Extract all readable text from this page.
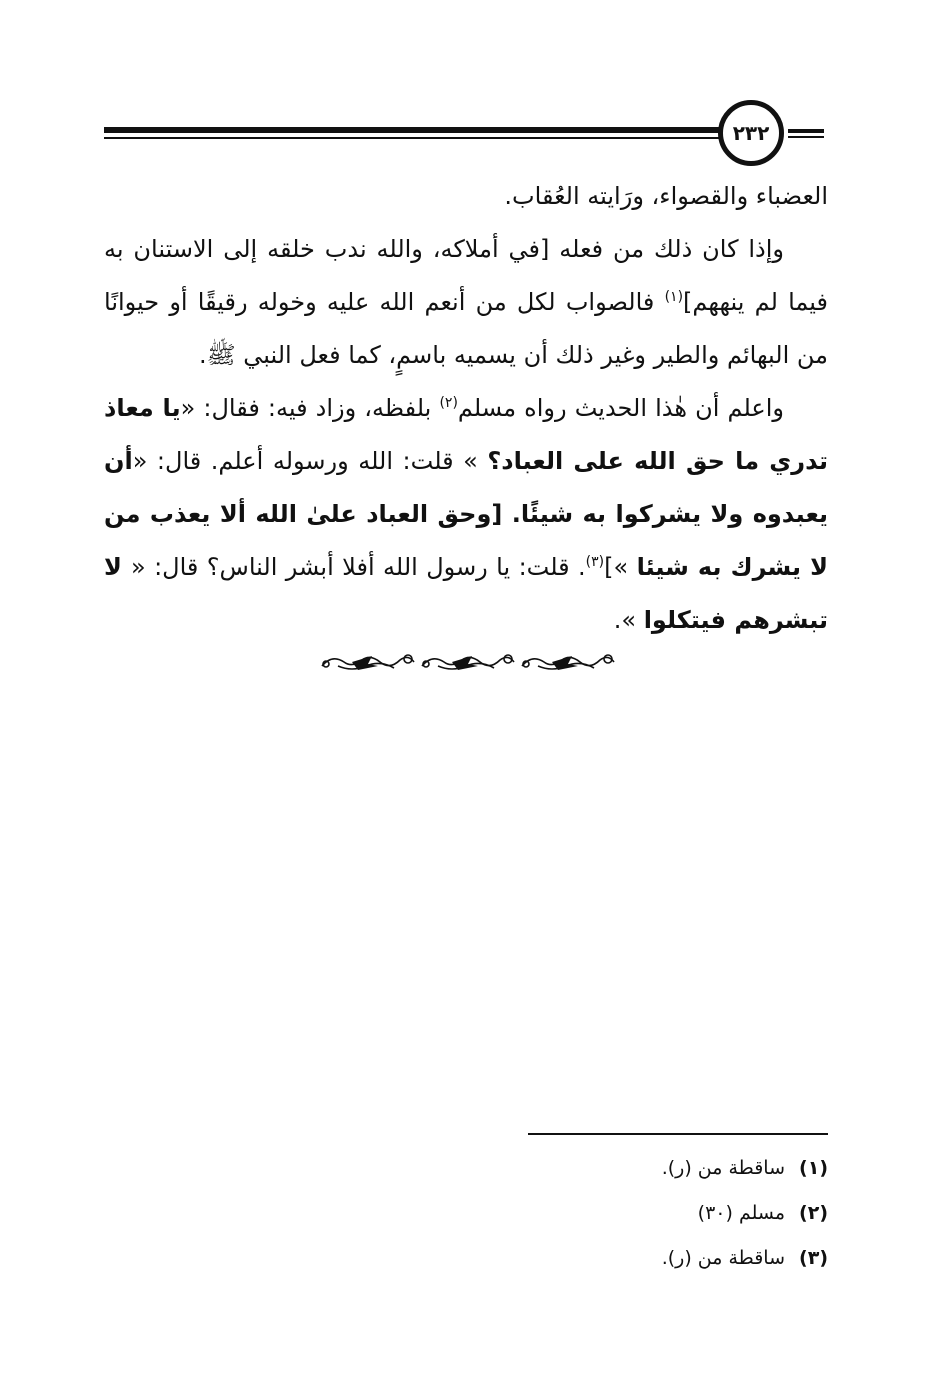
٢٣٢

العضباء والقصواء، ورَايته العُقاب.

وإذا كان ذلك من فعله [في أملاكه، والله ندب خلقه إلى الاستنان به فيما لم ينههم]$^{(١)}$ فالصواب لكل من أنعم الله عليه وخوله رقيقًا أو حيوانًا من البهائم والطير وغير ذلك أن يسميه باسمٍ، كما فعل النبي ﷺ.

واعلم أن هٰذا الحديث رواه مسلم$^{(٢)}$ بلفظه، وزاد فيه: فقال: «يا معاذ تدري ما حق الله على العباد؟ » قلت: الله ورسوله أعلم. قال: «أن يعبدوه ولا يشركوا به شيئًا. [وحق العباد علىٰ الله ألا يعذب من لا يشرك به شيئا »]$^{(٣)}$. قلت: يا رسول الله أفلا أبشر الناس؟ قال: « لا تبشرهم فيتكلوا ».

(١)ساقطة من (ر).
(٢)مسلم (٣٠)
(٣)ساقطة من (ر).
